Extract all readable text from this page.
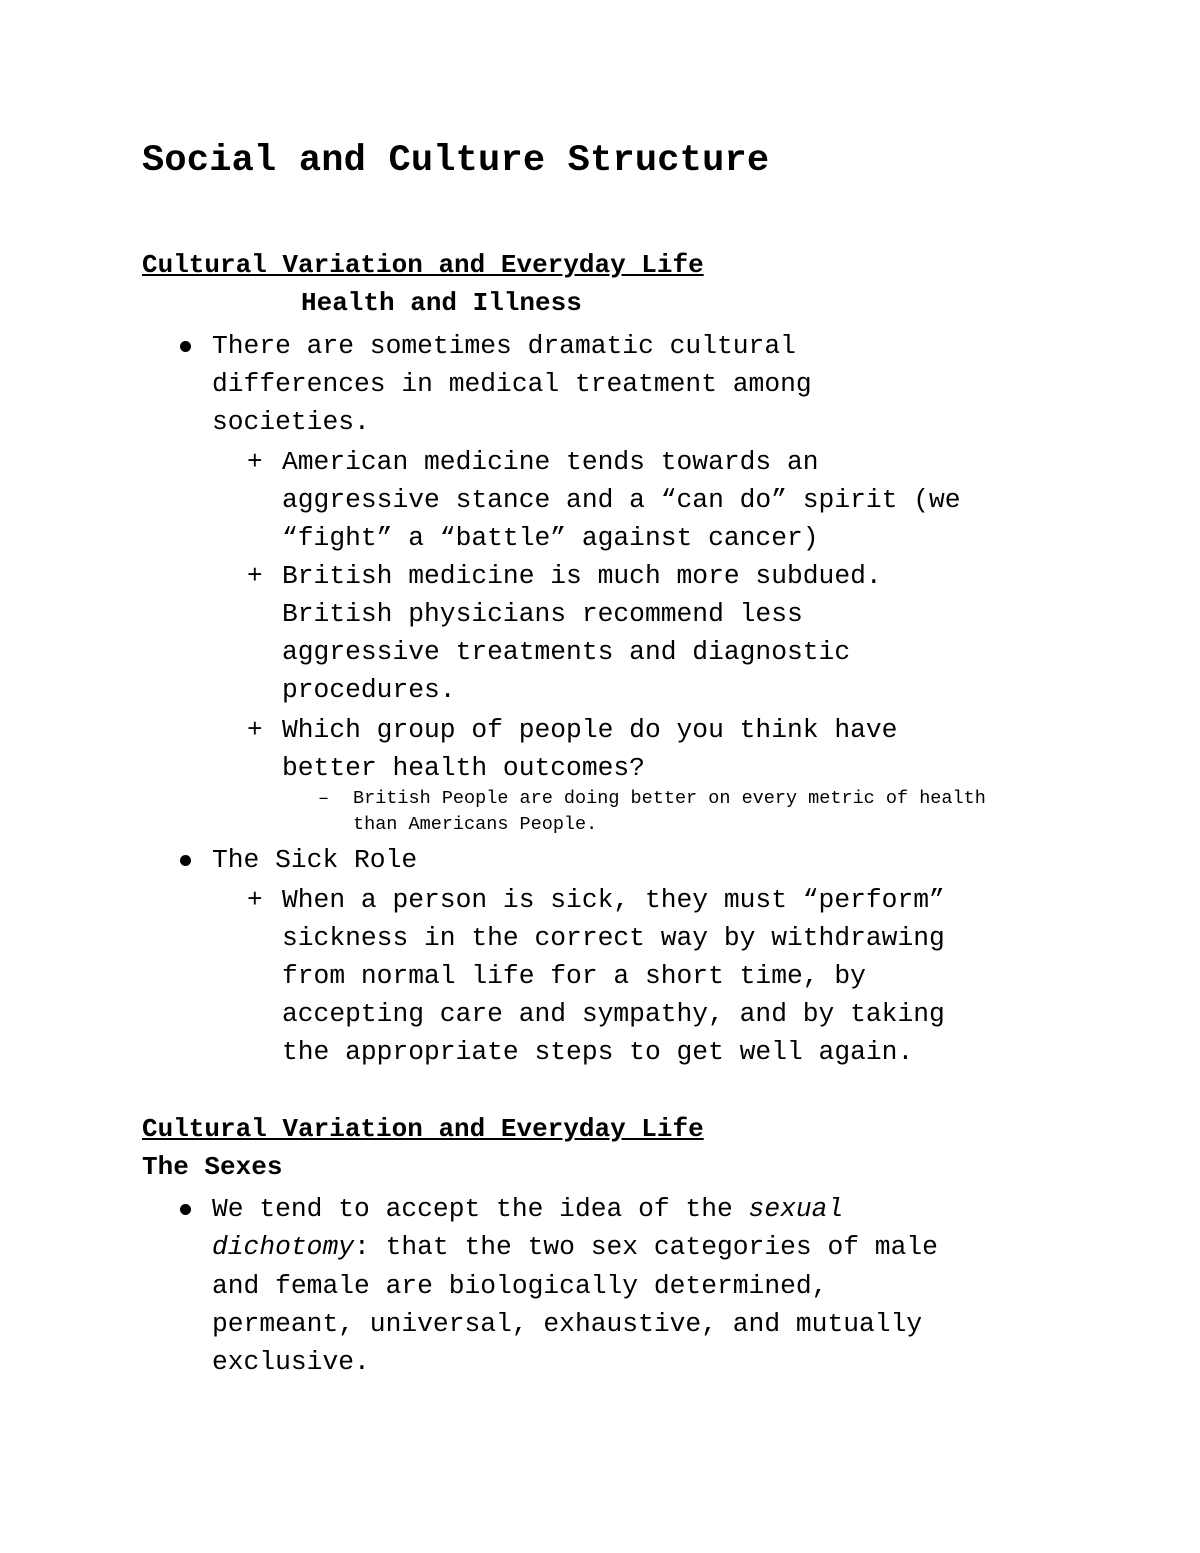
Social and Culture Structure
Cultural Variation and Everyday Life
Health and Illness
There are sometimes dramatic cultural
differences in medical treatment among
societies.
+ American medicine tends towards an
aggressive stance and a “can do” spirit (we
“fight” a “battle” against cancer)
+ British medicine is much more subdued.
British physicians recommend less
aggressive treatments and diagnostic
procedures.
+ Which group of people do you think have
better health outcomes?
– British People are doing better on every metric of health
than Americans People.
The Sick Role
+ When a person is sick, they must “perform”
sickness in the correct way by withdrawing
from normal life for a short time, by
accepting care and sympathy, and by taking
the appropriate steps to get well again.
Cultural Variation and Everyday Life
The Sexes
We tend to accept the idea of the sexual
dichotomy: that the two sex categories of male
and female are biologically determined,
permeant, universal, exhaustive, and mutually
exclusive.
